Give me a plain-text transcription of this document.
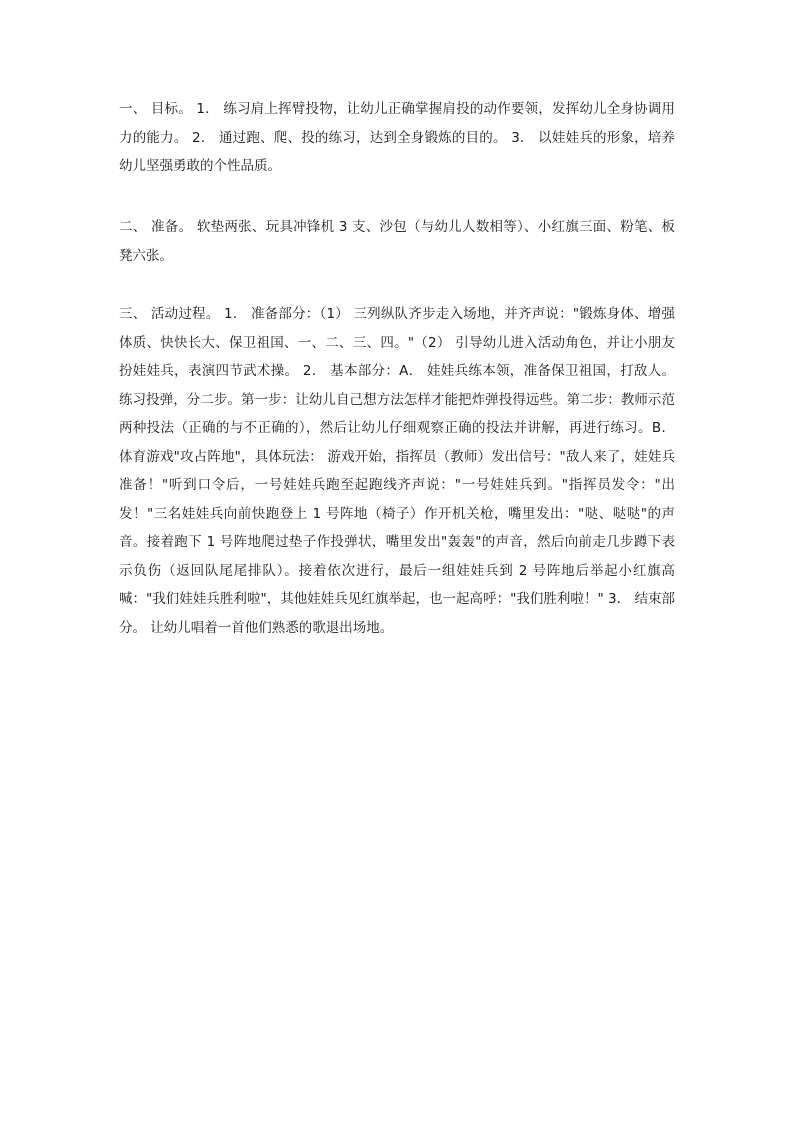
一、 目标。 1． 练习肩上挥臂投物，让幼儿正确掌握肩投的动作要领，发挥幼儿全身协调用力的能力。 2． 通过跑、爬、投的练习，达到全身锻炼的目的。 3． 以娃娃兵的形象，培养幼儿坚强勇敢的个性品质。

二、 准备。 软垫两张、玩具冲锋机 3 支、沙包（与幼儿人数相等）、小红旗三面、粉笔、板凳六张。

三、 活动过程。 1． 准备部分：（1） 三列纵队齐步走入场地，并齐声说："锻炼身体、增强体质、快快长大、保卫祖国、一、二、三、四。"（2） 引导幼儿进入活动角色，并让小朋友扮娃娃兵，表演四节武术操。 2． 基本部分：A． 娃娃兵练本领，准备保卫祖国，打敌人。 练习投弹，分二步。第一步：让幼儿自己想方法怎样才能把炸弹投得远些。第二步：教师示范两种投法（正确的与不正确的），然后让幼儿仔细观察正确的投法并讲解，再进行练习。B． 体育游戏"攻占阵地"，具体玩法： 游戏开始，指挥员（教师）发出信号："敌人来了，娃娃兵准备！"听到口令后，一号娃娃兵跑至起跑线齐声说："一号娃娃兵到。"指挥员发令："出发！"三名娃娃兵向前快跑登上 1 号阵地（椅子）作开机关枪，嘴里发出："哒、哒哒"的声音。接着跑下 1 号阵地爬过垫子作投弹状，嘴里发出"轰轰"的声音，然后向前走几步蹲下表示负伤（返回队尾尾排队）。接着依次进行，最后一组娃娃兵到 2 号阵地后举起小红旗高喊："我们娃娃兵胜利啦"，其他娃娃兵见红旗举起，也一起高呼："我们胜利啦！" 3． 结束部分。 让幼儿唱着一首他们熟悉的歌退出场地。
